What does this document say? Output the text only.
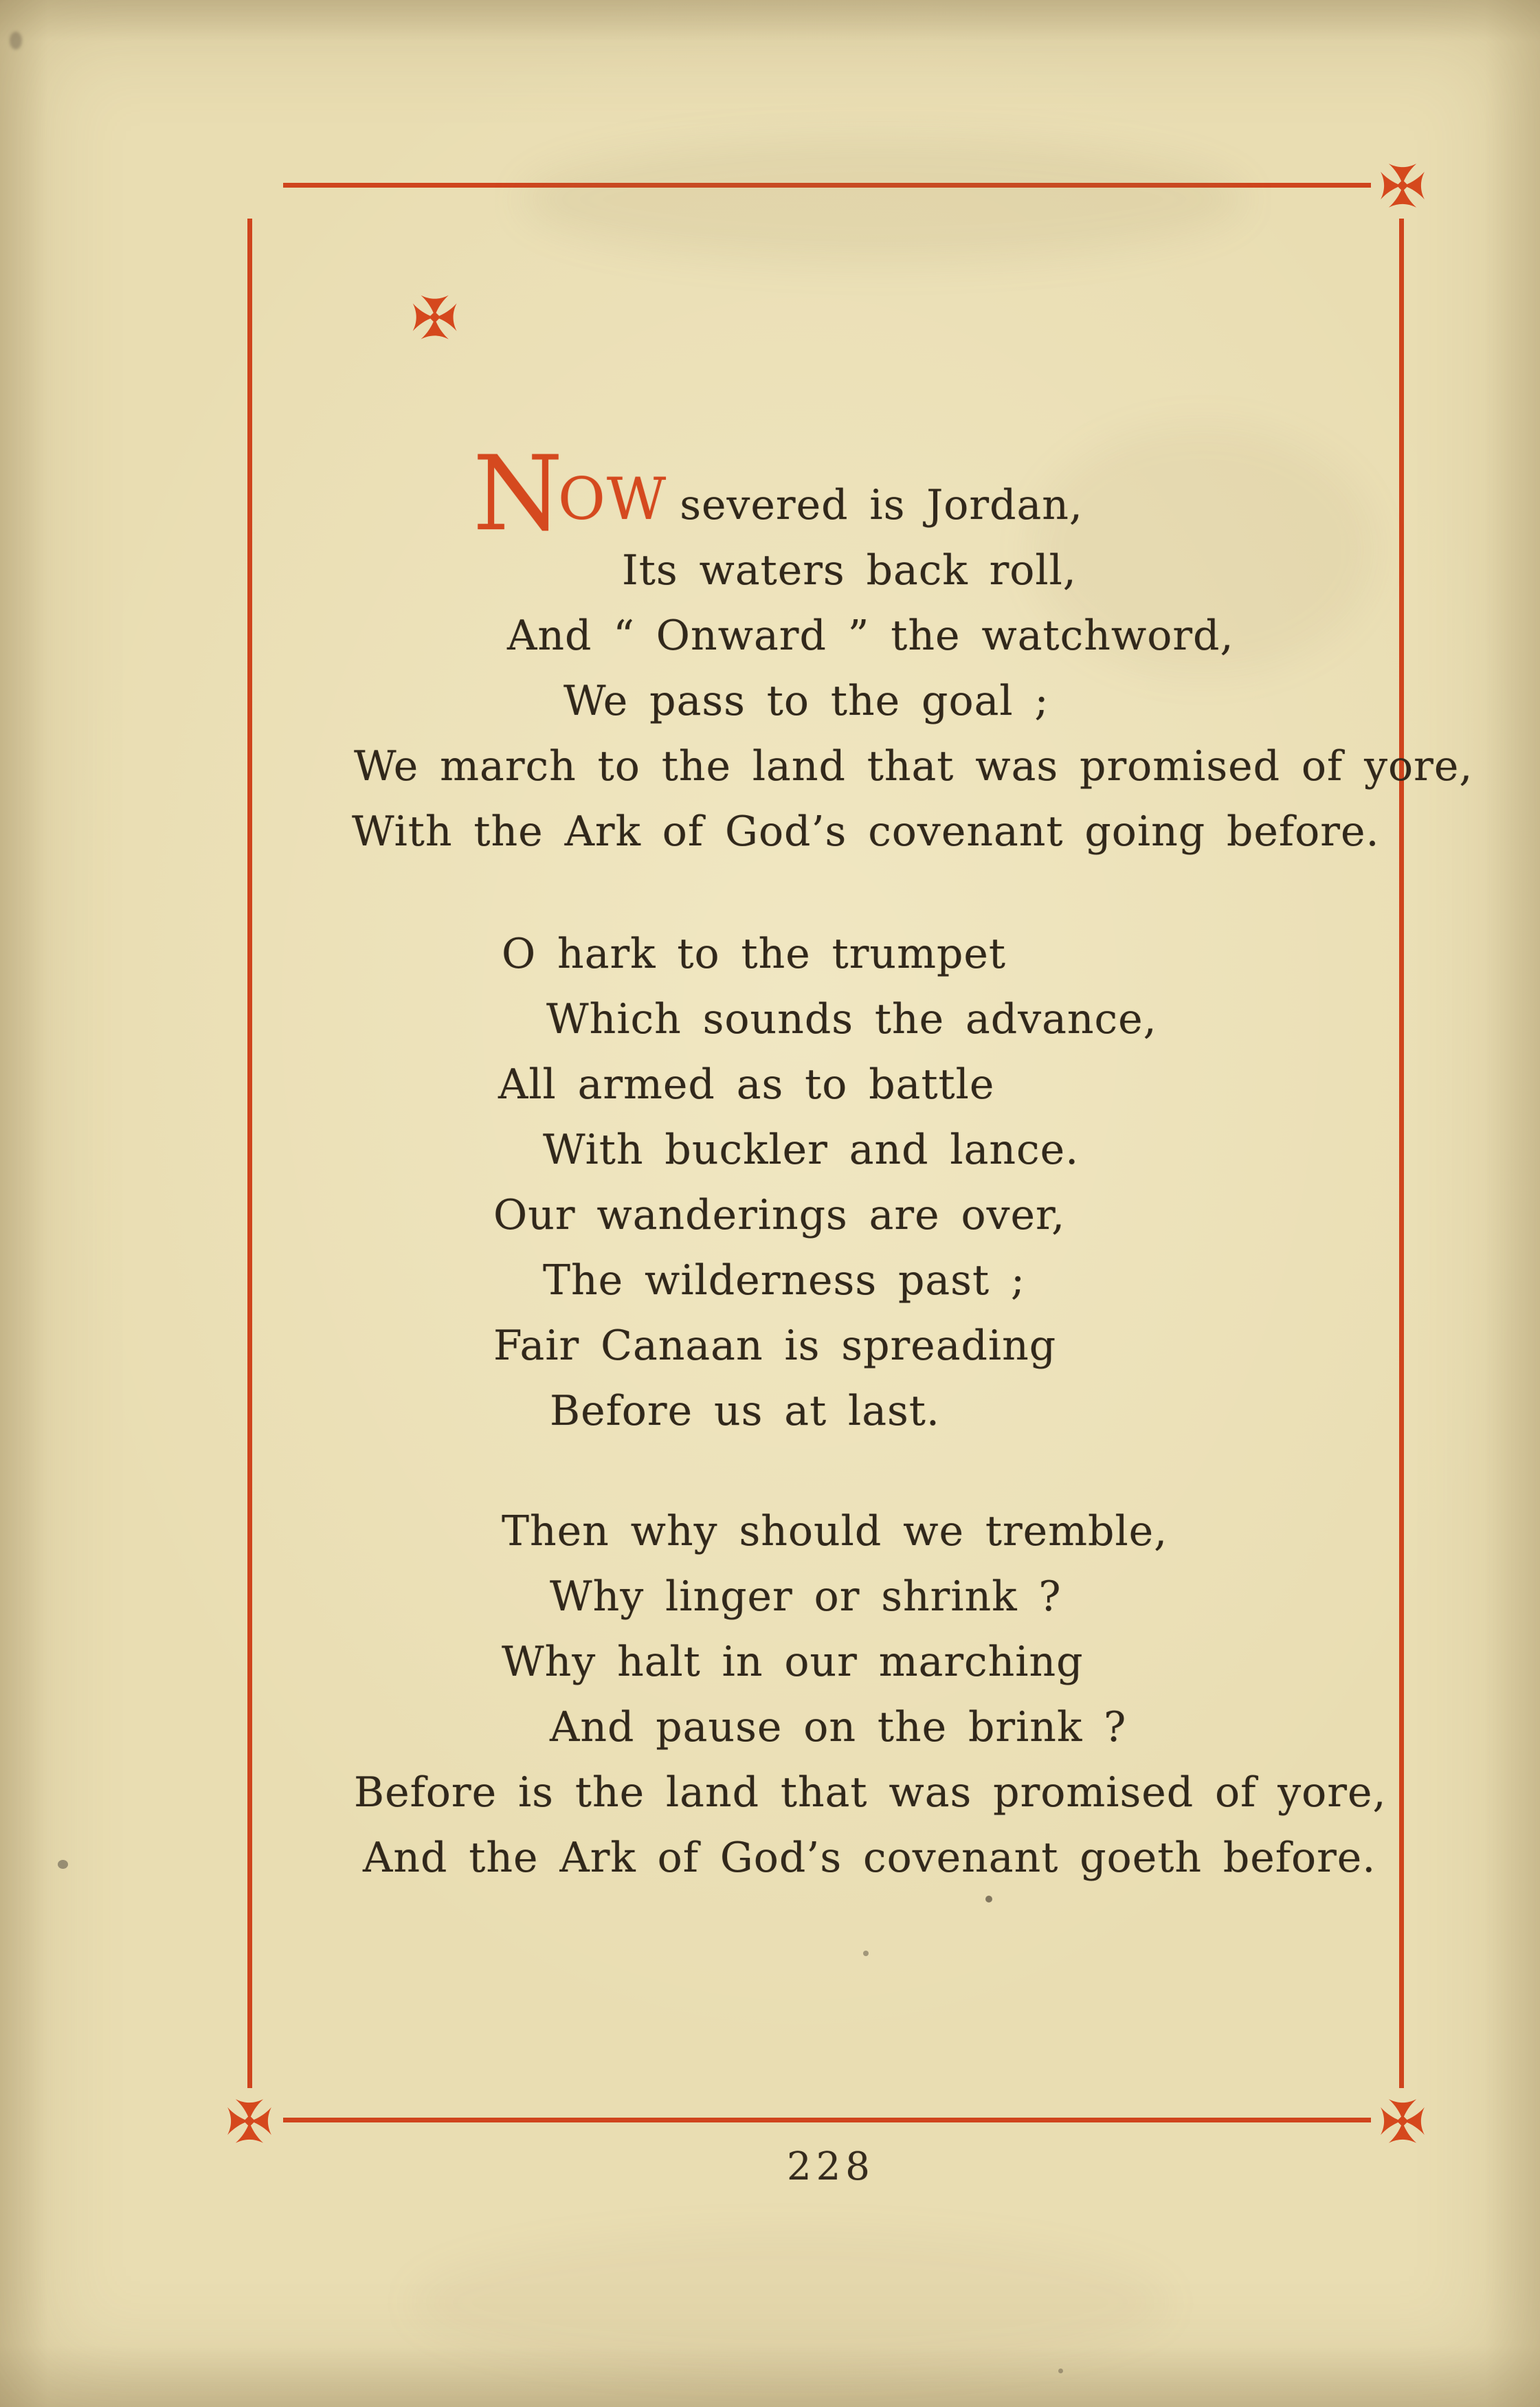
N
OW severed is Jordan,
Its waters back roll,
And “ Onward ” the watchword,
We pass to the goal ;
We march to the land that was promised of yore,
With the Ark of God’s covenant going before.
O hark to the trumpet
Which sounds the advance,
All armed as to battle
With buckler and lance.
Our wanderings are over,
The wilderness past ;
Fair Canaan is spreading
Before us at last.
Then why should we tremble,
Why linger or shrink ?
Why halt in our marching
And pause on the brink ?
Before is the land that was promised of yore,
And the Ark of God’s covenant goeth before.
228
